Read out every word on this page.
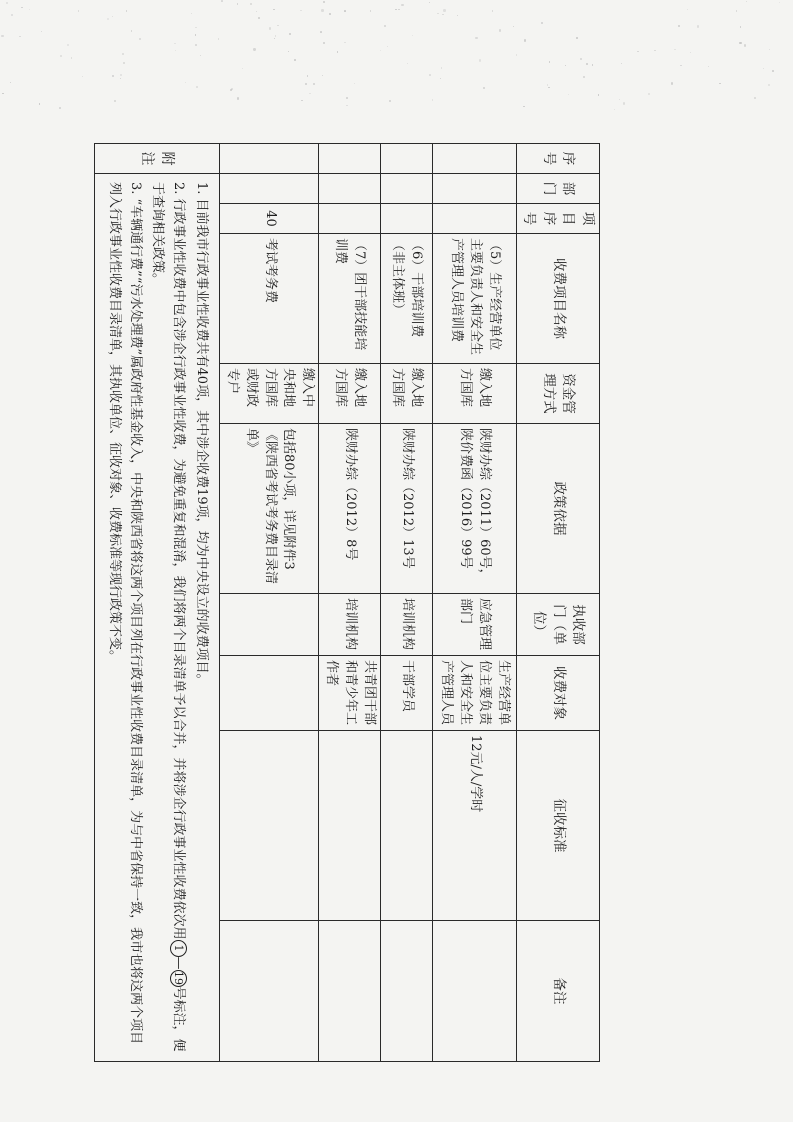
序号	部门	项目序号	收费项目名称	资金管理方式	政策依据	执收部门（单位）	收费对象	征收标准	备注
			（5）生产经营单位主要负责人和安全生产管理人员培训费	缴入地方国库	陕财办综（2011）60号，陕价费函（2016）99号	应急管理部门	生产经营单位主要负责人和安全生产管理人员	12元/人/学时	
			（6）干部培训费（非主体班）	缴入地方国库	陕财办综（2012）13号	培训机构	干部学员		
			（7）团干部技能培训费	缴入地方国库	陕财办综（2012）8号	培训机构	共青团干部和青少年工作者		
		40	考试考务费	缴入中央和地方国库或财政专户	包括80小项，详见附件3《陕西省考试考务费目录清单》				
附注	1. 目前我市行政事业性收费共有40项，其中涉企收费19项，均为中央设立的收费项目。

2. 行政事业性收费中包含涉企行政事业性收费，为避免重复和混淆，我们将两个目录清单予以合并，并将涉企行政事业性收费依次用1—19号标注，便于查询相关政策。

3. “车辆通行费”“污水处理费”属政府性基金收入，中央和陕西省将这两个项目列在行政事业性收费目录清单，为与中省保持一致，我市也将这两个项目列入行政事业性收费目录清单，其执收单位、征收对象、收费标准等现行政策不变。								
